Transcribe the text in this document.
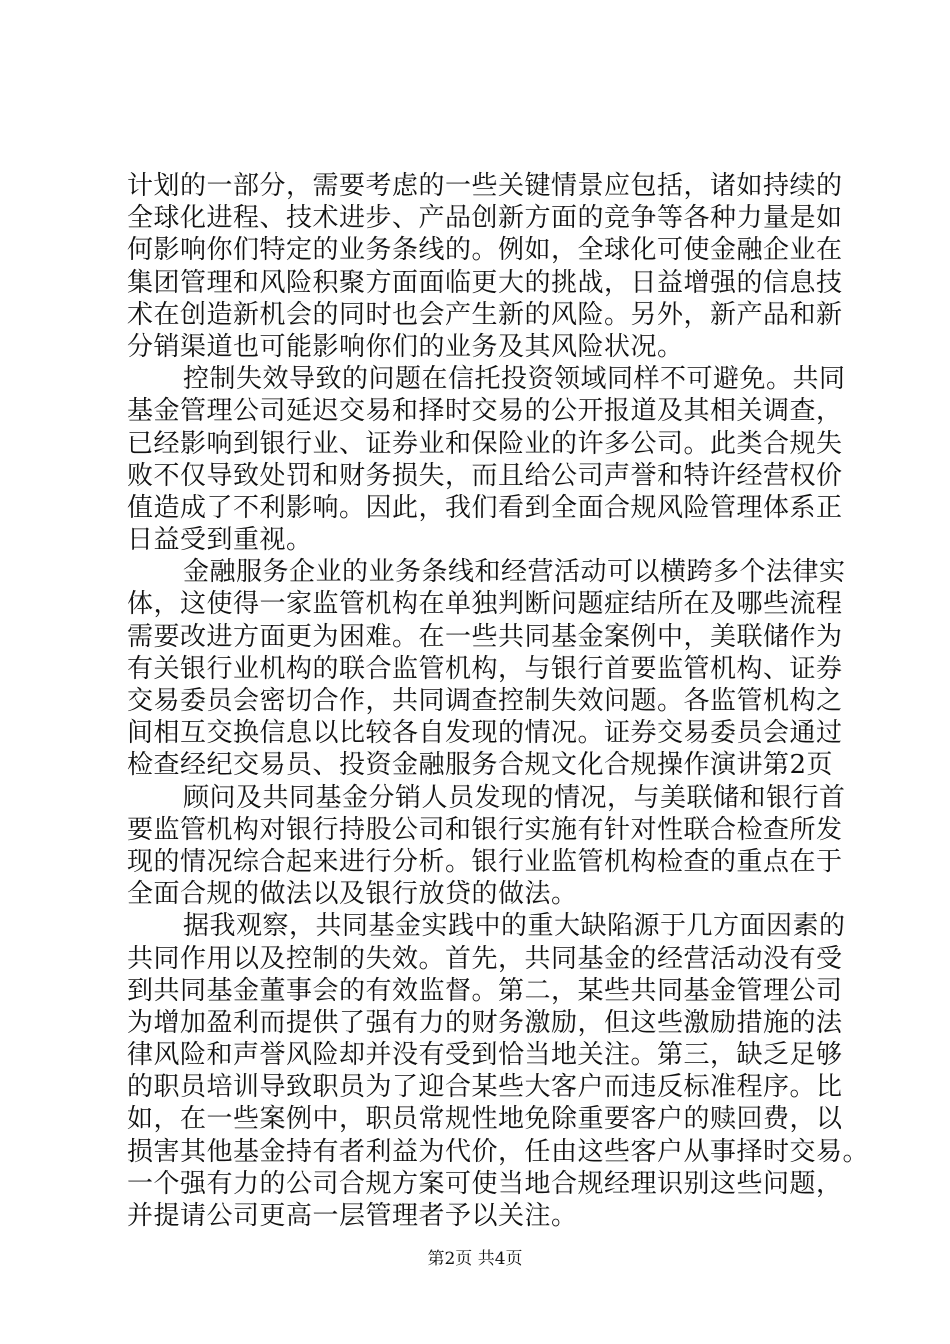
计划的一部分，需要考虑的一些关键情景应包括，诸如持续的
全球化进程、技术进步、产品创新方面的竞争等各种力量是如
何影响你们特定的业务条线的。例如，全球化可使金融企业在
集团管理和风险积聚方面面临更大的挑战，日益增强的信息技
术在创造新机会的同时也会产生新的风险。另外，新产品和新
分销渠道也可能影响你们的业务及其风险状况。
控制失效导致的问题在信托投资领域同样不可避免。共同
基金管理公司延迟交易和择时交易的公开报道及其相关调查，
已经影响到银行业、证券业和保险业的许多公司。此类合规失
败不仅导致处罚和财务损失，而且给公司声誉和特许经营权价
值造成了不利影响。因此，我们看到全面合规风险管理体系正
日益受到重视。
金融服务企业的业务条线和经营活动可以横跨多个法律实
体，这使得一家监管机构在单独判断问题症结所在及哪些流程
需要改进方面更为困难。在一些共同基金案例中，美联储作为
有关银行业机构的联合监管机构，与银行首要监管机构、证券
交易委员会密切合作，共同调查控制失效问题。各监管机构之
间相互交换信息以比较各自发现的情况。证券交易委员会通过
检查经纪交易员、投资金融服务合规文化合规操作演讲第2页
顾问及共同基金分销人员发现的情况，与美联储和银行首
要监管机构对银行持股公司和银行实施有针对性联合检查所发
现的情况综合起来进行分析。银行业监管机构检查的重点在于
全面合规的做法以及银行放贷的做法。
据我观察，共同基金实践中的重大缺陷源于几方面因素的
共同作用以及控制的失效。首先，共同基金的经营活动没有受
到共同基金董事会的有效监督。第二，某些共同基金管理公司
为增加盈利而提供了强有力的财务激励，但这些激励措施的法
律风险和声誉风险却并没有受到恰当地关注。第三，缺乏足够
的职员培训导致职员为了迎合某些大客户而违反标准程序。比
如，在一些案例中，职员常规性地免除重要客户的赎回费，以
损害其他基金持有者利益为代价，任由这些客户从事择时交易。
一个强有力的公司合规方案可使当地合规经理识别这些问题，
并提请公司更高一层管理者予以关注。
第2页 共4页
